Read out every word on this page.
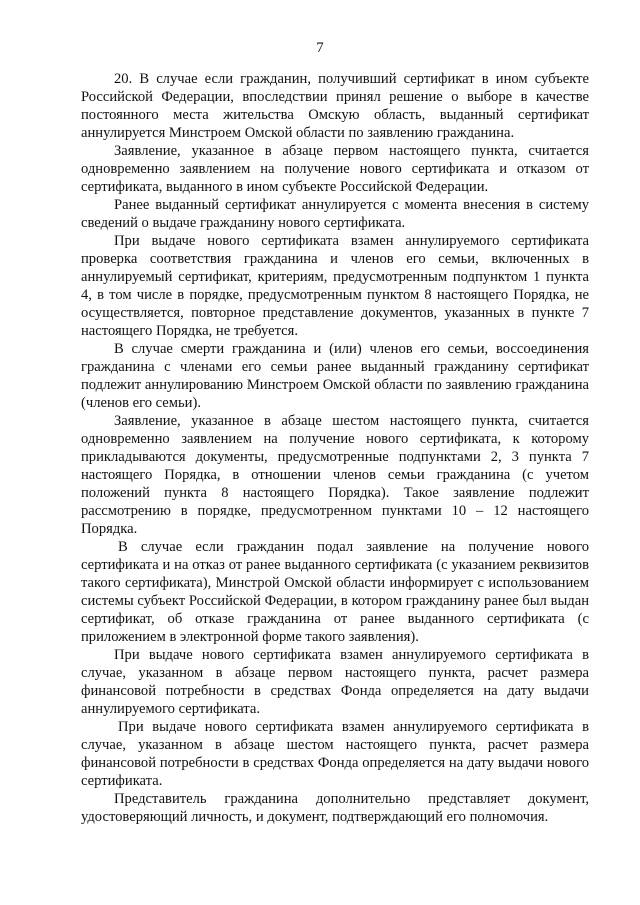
7

20. В случае если гражданин, получивший сертификат в ином субъекте Российской Федерации, впоследствии принял решение о выборе в качестве постоянного места жительства Омскую область, выданный сертификат аннулируется Минстроем Омской области по заявлению гражданина.

Заявление, указанное в абзаце первом настоящего пункта, считается одновременно заявлением на получение нового сертификата и отказом от сертификата, выданного в ином субъекте Российской Федерации.

Ранее выданный сертификат аннулируется с момента внесения в систему сведений о выдаче гражданину нового сертификата.

При выдаче нового сертификата взамен аннулируемого сертификата проверка соответствия гражданина и членов его семьи, включенных в аннулируемый сертификат, критериям, предусмотренным подпунктом 1 пункта 4, в том числе в порядке, предусмотренным пунктом 8 настоящего Порядка, не осуществляется, повторное представление документов, указанных в пункте 7 настоящего Порядка, не требуется.

В случае смерти гражданина и (или) членов его семьи, воссоединения гражданина с членами его семьи ранее выданный гражданину сертификат подлежит аннулированию Минстроем Омской области по заявлению гражданина (членов его семьи).

Заявление, указанное в абзаце шестом настоящего пункта, считается одновременно заявлением на получение нового сертификата, к которому прикладываются документы, предусмотренные подпунктами 2, 3 пункта 7 настоящего Порядка, в отношении членов семьи гражданина (с учетом положений пункта 8 настоящего Порядка). Такое заявление подлежит рассмотрению в порядке, предусмотренном пунктами 10 – 12 настоящего Порядка.

В случае если гражданин подал заявление на получение нового сертификата и на отказ от ранее выданного сертификата (с указанием реквизитов такого сертификата), Минстрой Омской области информирует с использованием системы субъект Российской Федерации, в котором гражданину ранее был выдан сертификат, об отказе гражданина от ранее выданного сертификата (с приложением в электронной форме такого заявления).

При выдаче нового сертификата взамен аннулируемого сертификата в случае, указанном в абзаце первом настоящего пункта, расчет размера финансовой потребности в средствах Фонда определяется на дату выдачи аннулируемого сертификата.

При выдаче нового сертификата взамен аннулируемого сертификата в случае, указанном в абзаце шестом настоящего пункта, расчет размера финансовой потребности в средствах Фонда определяется на дату выдачи нового сертификата.

Представитель гражданина дополнительно представляет документ, удостоверяющий личность, и документ, подтверждающий его полномочия.
